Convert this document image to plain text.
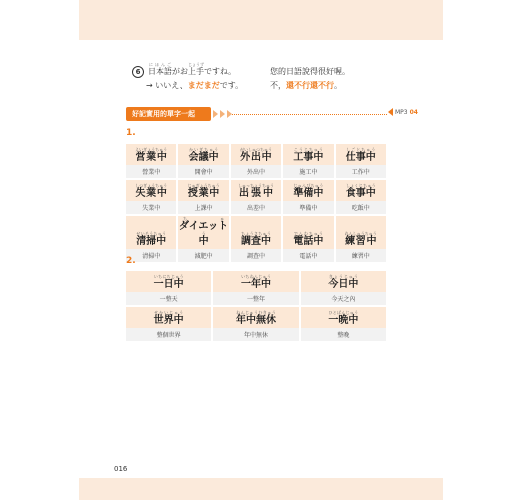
6 日本語にほんごがお上手じょうずですね。	您的日語說得很好喔。
→ いいえ、まだまだです。	不，還不行還不行。
好記實用的單字一起學！
MP3 04
1.
営業中えいぎょうちゅう	会議中かいぎちゅう	外出中がいしゅつちゅう	工事中こうじちゅう	仕事中しごとちゅう

營業中	開會中	外出中	施工中	工作中

失業中しつぎょうちゅう	授業中じゅぎょうちゅう	出張中しゅっちょうちゅう	準備中じゅんびちゅう	食事中しょくじちゅう

失業中	上課中	出差中	準備中	吃飯中

清掃中せいそうちゅう	ダイエット中ちゅう	調査中ちょうさちゅう	電話中でんわちゅう	練習中れんしゅうちゅう

清掃中	減肥中	調查中	電話中	練習中
2.
一日中いちにちじゅう	一年中いちねんじゅう	今日中きょうじゅう

一整天	一整年	今天之內

世界中せかいじゅう	年中無休ねんじゅうむきゅう	一晩中ひとばんじゅう

整個世界	年中無休	整晚
016
